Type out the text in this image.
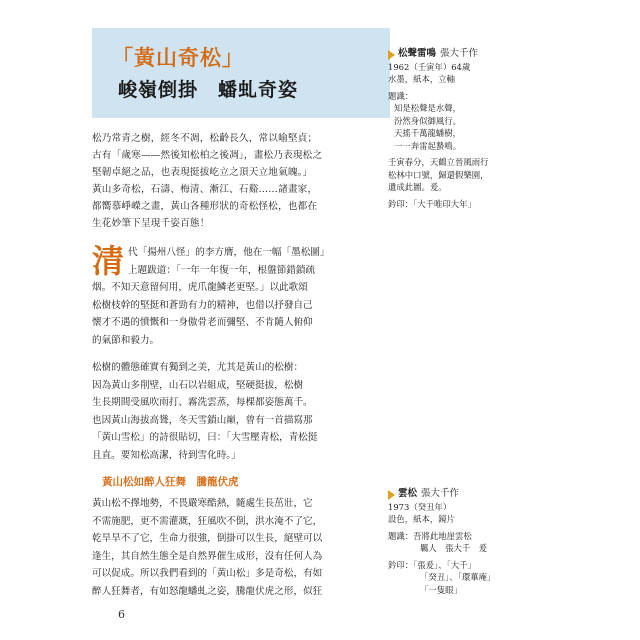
「黃山奇松」
峻嶺倒掛　蟠虬奇姿

松乃常青之樹，經冬不凋，松齡長久，常以喻堅貞；

古有「歲寒——然後知松柏之後凋」，畫松乃表現松之

堅韌卓絕之品，也表現挺拔屹立之頂天立地氣魄。」

黃山多奇松，石濤、梅清、漸江、石谿……諸畫家，

都嚮慕崢嶸之畫，黃山各種形狀的奇松怪松，也都在

生花妙筆下呈現千姿百態！

清 代「揚州八怪」的李方膺，他在一幅「墨松圖」
上題跋道：「一年一年復一年，根盤節錯鎖疏
烟。不知天意留何用，虎爪龍鱗老更堅。」以此歌頌
松樹枝幹的堅挺和蒼勁有力的精神，也借以抒發自己
懷才不遇的憤慨和一身傲骨老而彌堅、不肯隨人俯仰
的氣節和毅力。
松樹的體態確實有獨到之美，尤其是黃山的松樹：
因為黃山多削壁，山石以岩組成，堅硬挺拔，松樹
生長期間受風吹雨打、霧洗雲蒸，每棵都姿態萬千。
也因黃山海拔高聳，冬天雪鎖山巔，曾有一首描寫那
「黃山雪松」的詩很貼切，曰：「大雪壓青松，青松挺
且直。要知松高潔，待到雪化時。」
黃山松如醉人狂舞　騰龍伏虎
黃山松不擇地勢，不畏嚴寒酷熱，隨處生長茁壯，它
不需施肥，更不需灌溉，狂風吹不倒，洪水淹不了它，
乾旱旱不了它，生命力很強，倒掛可以生長，絕壁可以
逢生，其自然生態全是自然界催生成形，沒有任何人為
可以促成。所以我們看到的「黃山松」多是奇松，有如
醉人狂舞者，有如怒龍蟠虬之姿，騰龍伏虎之形，似狂
6
松聲雷鳴 張大千作
1962（壬寅年）64歲
水墨，紙本，立軸
題識：
知是松聲是水聲，
汾然身似御風行。
天搖千萬龍蟠樹，
一一奔雷起蟄鳴。
壬寅春分，天鶴立晉風雨行
松林中口號，歸還假樂園，
遺成此圖。爰。
鈐印：「大千唯印大年」
雲松 張大千作
1973（癸丑年）
設色，紙本，鏡片
題識：吾將此地崖雲松
羈人　張大千　爰
鈐印：「張爰」、「大千」
「癸丑」、「環蓽庵」
「一隻眼」
